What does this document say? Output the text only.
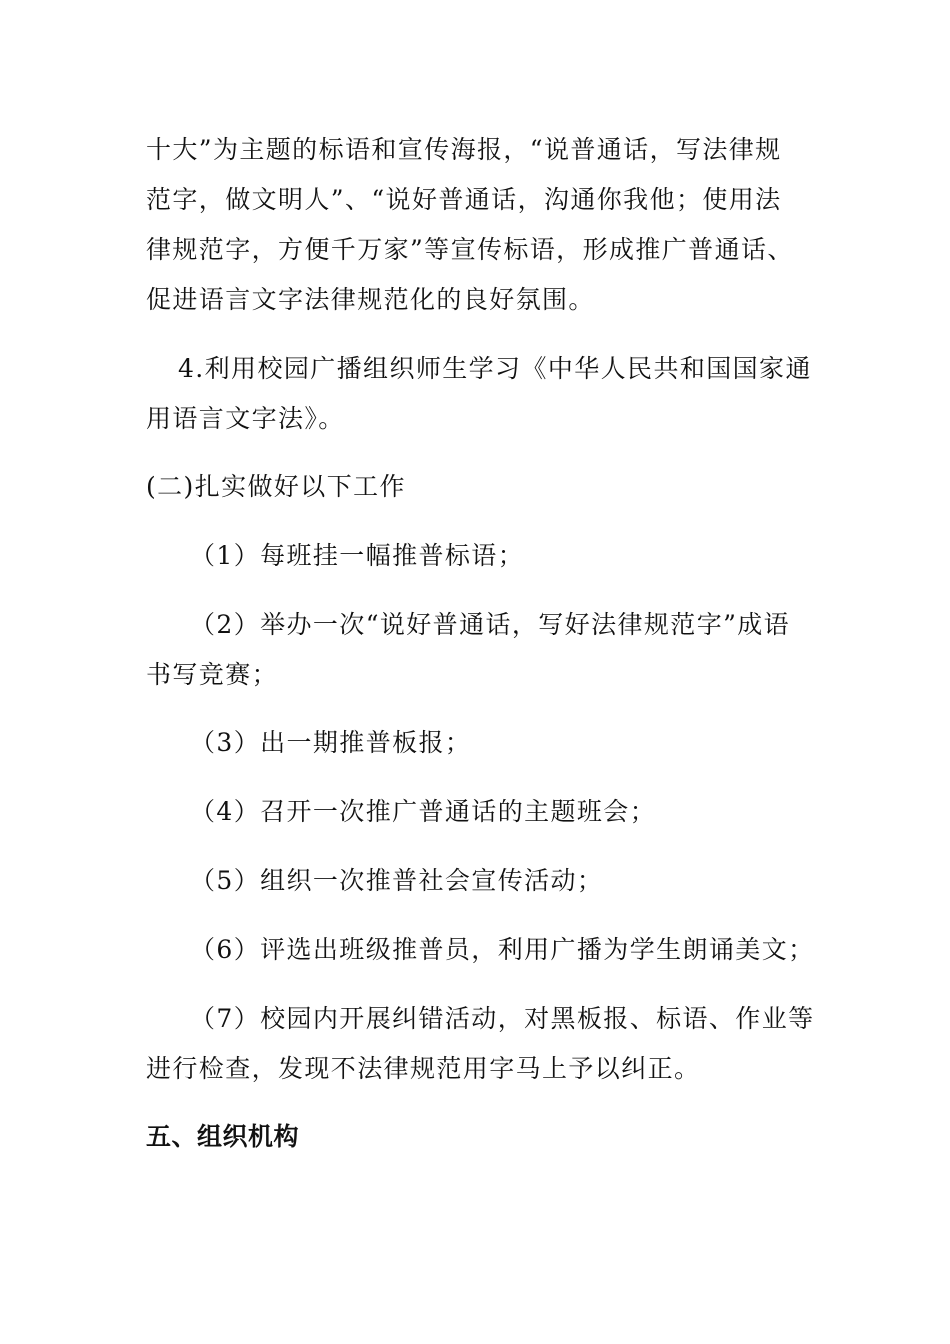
十大”为主题的标语和宣传海报，“说普通话，写法律规
范字，做文明人”、“说好普通话，沟通你我他；使用法
律规范字，方便千万家”等宣传标语，形成推广普通话、
促进语言文字法律规范化的良好氛围。
4.利用校园广播组织师生学习《中华人民共和国国家通
用语言文字法》。
(二)扎实做好以下工作
（1）每班挂一幅推普标语；
（2）举办一次“说好普通话，写好法律规范字”成语
书写竞赛；
（3）出一期推普板报；
（4）召开一次推广普通话的主题班会；
（5）组织一次推普社会宣传活动；
（6）评选出班级推普员，利用广播为学生朗诵美文；
（7）校园内开展纠错活动，对黑板报、标语、作业等
进行检查，发现不法律规范用字马上予以纠正。
五、组织机构
